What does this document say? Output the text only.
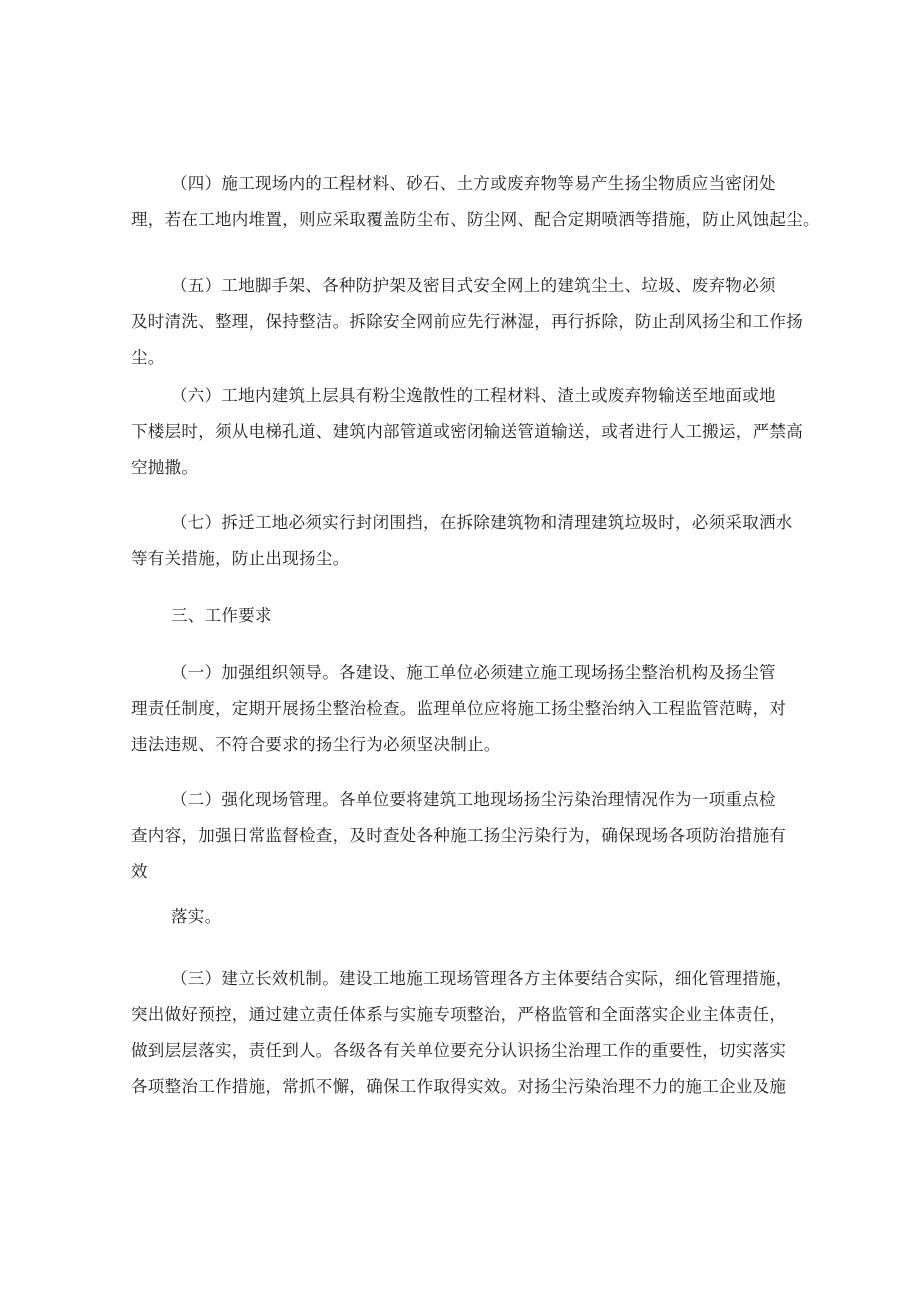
（四）施工现场内的工程材料、砂石、土方或废弃物等易产生扬尘物质应当密闭处
理，若在工地内堆置，则应采取覆盖防尘布、防尘网、配合定期喷洒等措施，防止风蚀起尘。
（五）工地脚手架、各种防护架及密目式安全网上的建筑尘土、垃圾、废弃物必须
及时清洗、整理，保持整洁。拆除安全网前应先行淋湿，再行拆除，防止刮风扬尘和工作扬
尘。
（六）工地内建筑上层具有粉尘逸散性的工程材料、渣土或废弃物输送至地面或地
下楼层时，须从电梯孔道、建筑内部管道或密闭输送管道输送，或者进行人工搬运，严禁高
空抛撒。
（七）拆迁工地必须实行封闭围挡，在拆除建筑物和清理建筑垃圾时，必须采取洒水
等有关措施，防止出现扬尘。
三、工作要求
（一）加强组织领导。各建设、施工单位必须建立施工现场扬尘整治机构及扬尘管
理责任制度，定期开展扬尘整治检查。监理单位应将施工扬尘整治纳入工程监管范畴，对
违法违规、不符合要求的扬尘行为必须坚决制止。
（二）强化现场管理。各单位要将建筑工地现场扬尘污染治理情况作为一项重点检
查内容，加强日常监督检查，及时查处各种施工扬尘污染行为，确保现场各项防治措施有
效
落实。
（三）建立长效机制。建设工地施工现场管理各方主体要结合实际，细化管理措施，
突出做好预控，通过建立责任体系与实施专项整治，严格监管和全面落实企业主体责任，
做到层层落实，责任到人。各级各有关单位要充分认识扬尘治理工作的重要性，切实落实
各项整治工作措施，常抓不懈，确保工作取得实效。对扬尘污染治理不力的施工企业及施
